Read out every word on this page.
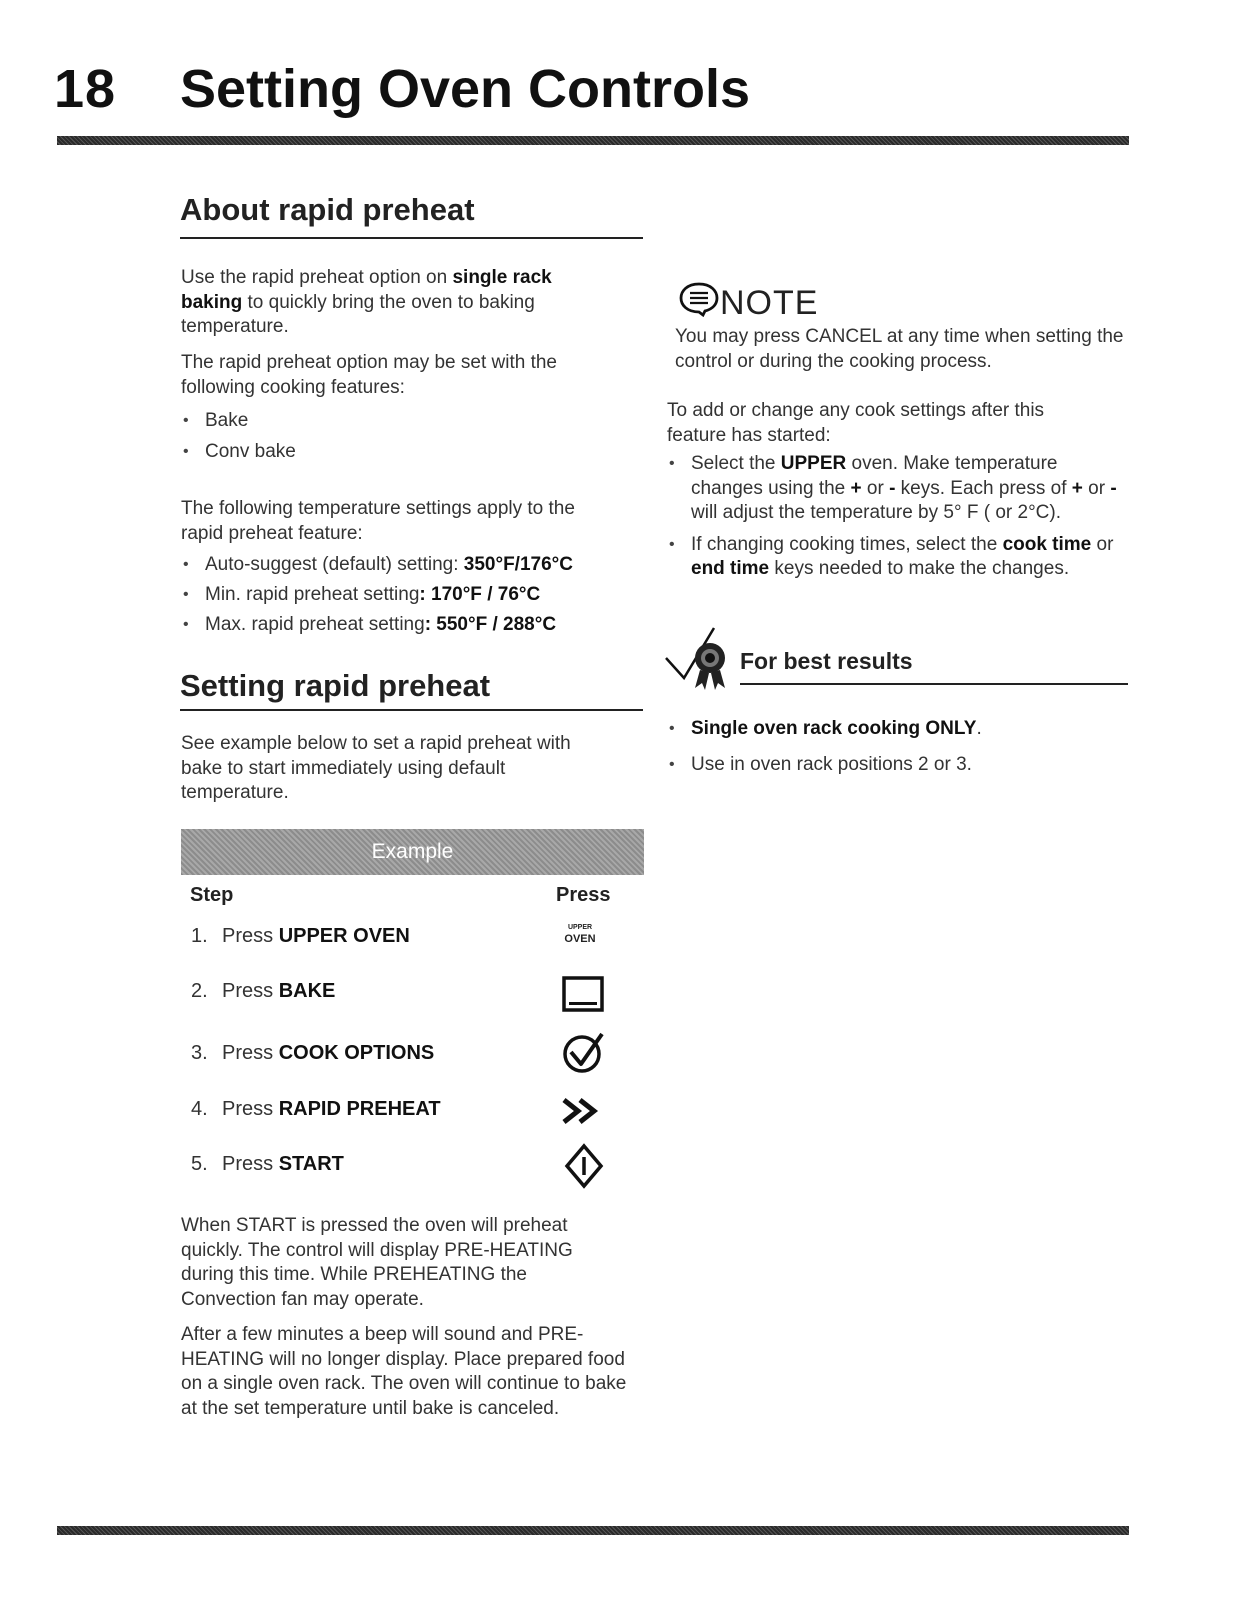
18 Setting Oven Controls
About rapid preheat
Use the rapid preheat option on single rack baking to quickly bring the oven to baking temperature.
The rapid preheat option may be set with the following cooking features:
• Bake
• Conv bake
The following temperature settings apply to the rapid preheat feature:
• Auto-suggest (default) setting: 350°F/176°C
• Min. rapid preheat setting: 170°F / 76°C
• Max. rapid preheat setting: 550°F / 288°C
Setting rapid preheat
See example below to set a rapid preheat with bake to start immediately using default temperature.
Example
Step	Press
1. Press UPPER OVEN
2. Press BAKE
3. Press COOK OPTIONS
4. Press RAPID PREHEAT
5. Press START
UPPER
OVEN
When START is pressed the oven will preheat quickly. The control will display PRE-HEATING during this time. While PREHEATING the Convection fan may operate.
After a few minutes a beep will sound and PRE-HEATING will no longer display. Place prepared food on a single oven rack. The oven will continue to bake at the set temperature until bake is canceled.
NOTE
You may press CANCEL at any time when setting the control or during the cooking process.
To add or change any cook settings after this feature has started:
• Select the UPPER oven. Make temperature changes using the + or - keys. Each press of + or - will adjust the temperature by 5° F ( or 2°C).
• If changing cooking times, select the cook time or end time keys needed to make the changes.
For best results
• Single oven rack cooking ONLY.
• Use in oven rack positions 2 or 3.
